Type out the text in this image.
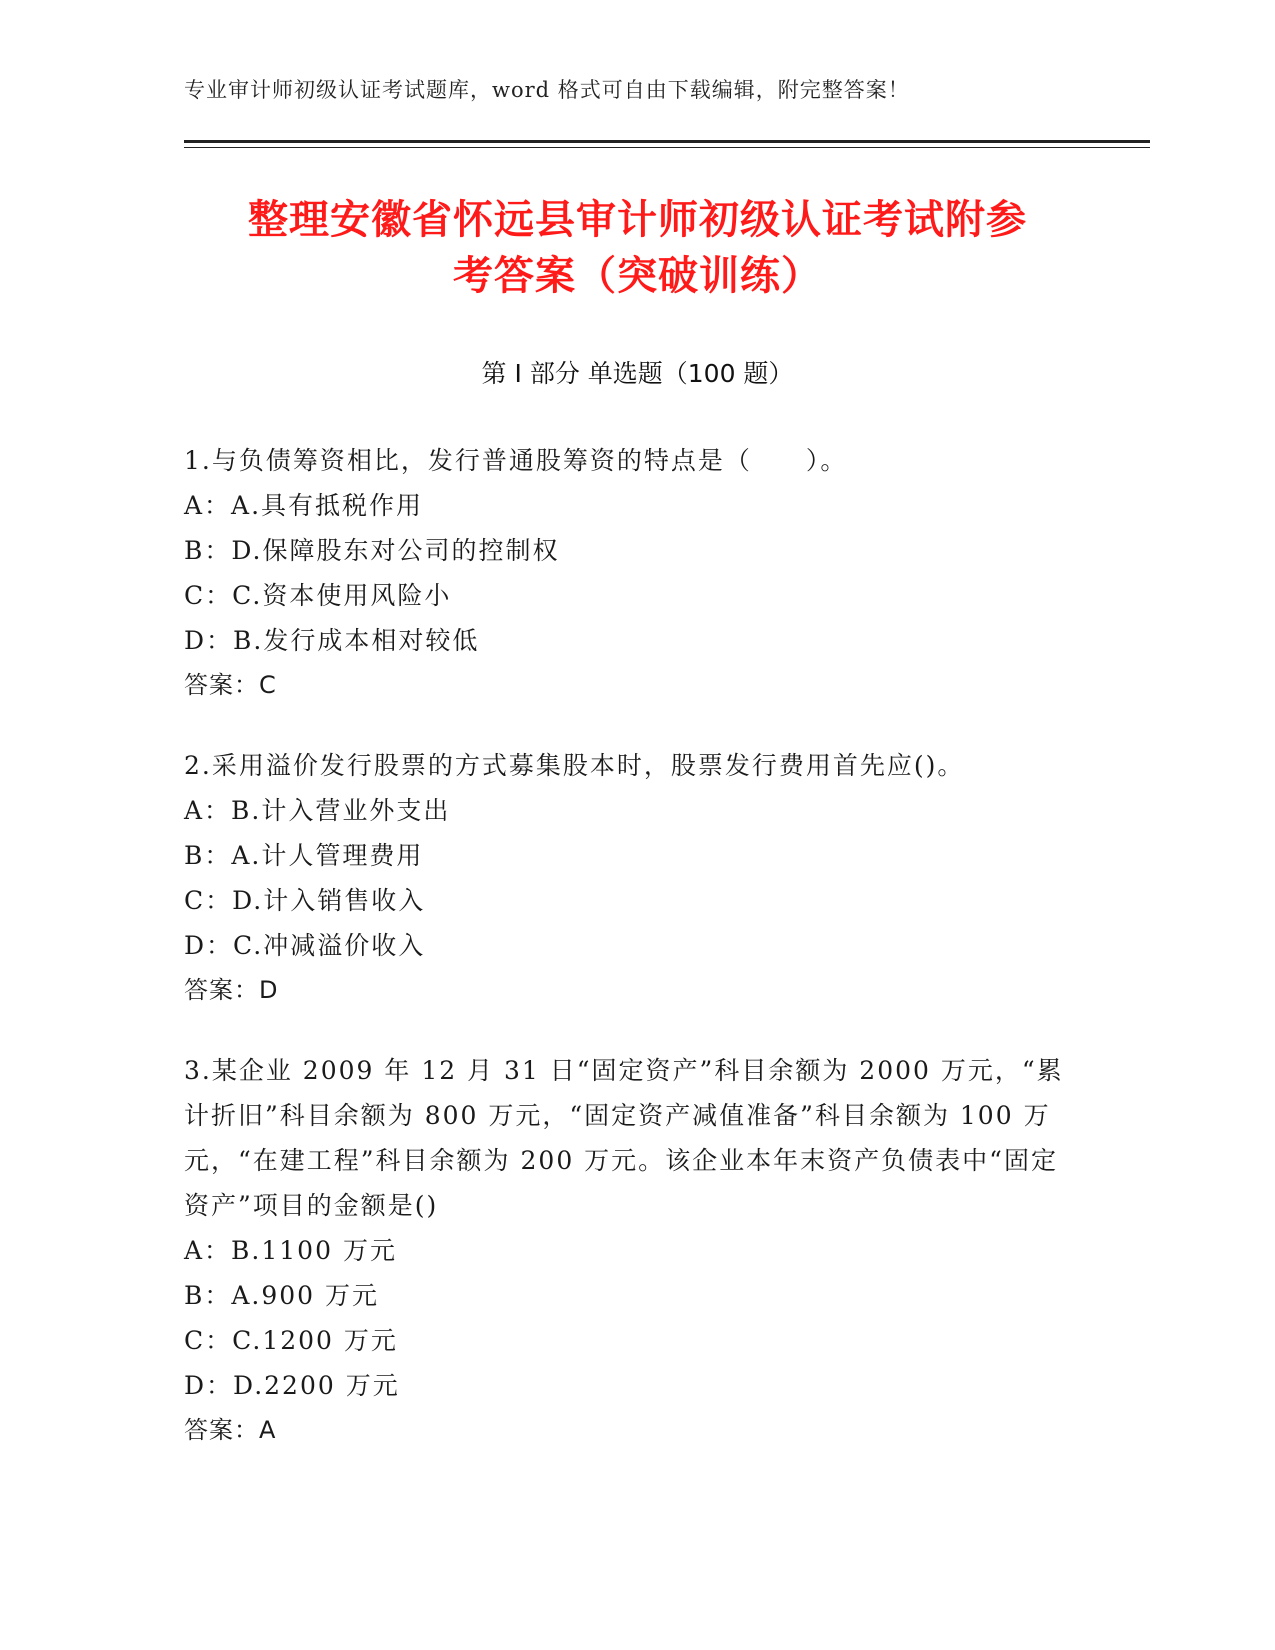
专业审计师初级认证考试题库，word 格式可自由下载编辑，附完整答案！
整理安徽省怀远县审计师初级认证考试附参
考答案（突破训练）
第 I 部分 单选题（100 题）
1.与负债筹资相比，发行普通股筹资的特点是（　　）。
A：A.具有抵税作用
B：D.保障股东对公司的控制权
C：C.资本使用风险小
D：B.发行成本相对较低
答案：C
2.采用溢价发行股票的方式募集股本时，股票发行费用首先应()。
A：B.计入营业外支出
B：A.计人管理费用
C：D.计入销售收入
D：C.冲减溢价收入
答案：D
3.某企业 2009 年 12 月 31 日“固定资产”科目余额为 2000 万元，“累计折旧”科目余额为 800 万元，“固定资产减值准备”科目余额为 100 万元，“在建工程”科目余额为 200 万元。该企业本年末资产负债表中“固定资产”项目的金额是()
A：B.1100 万元
B：A.900 万元
C：C.1200 万元
D：D.2200 万元
答案：A
